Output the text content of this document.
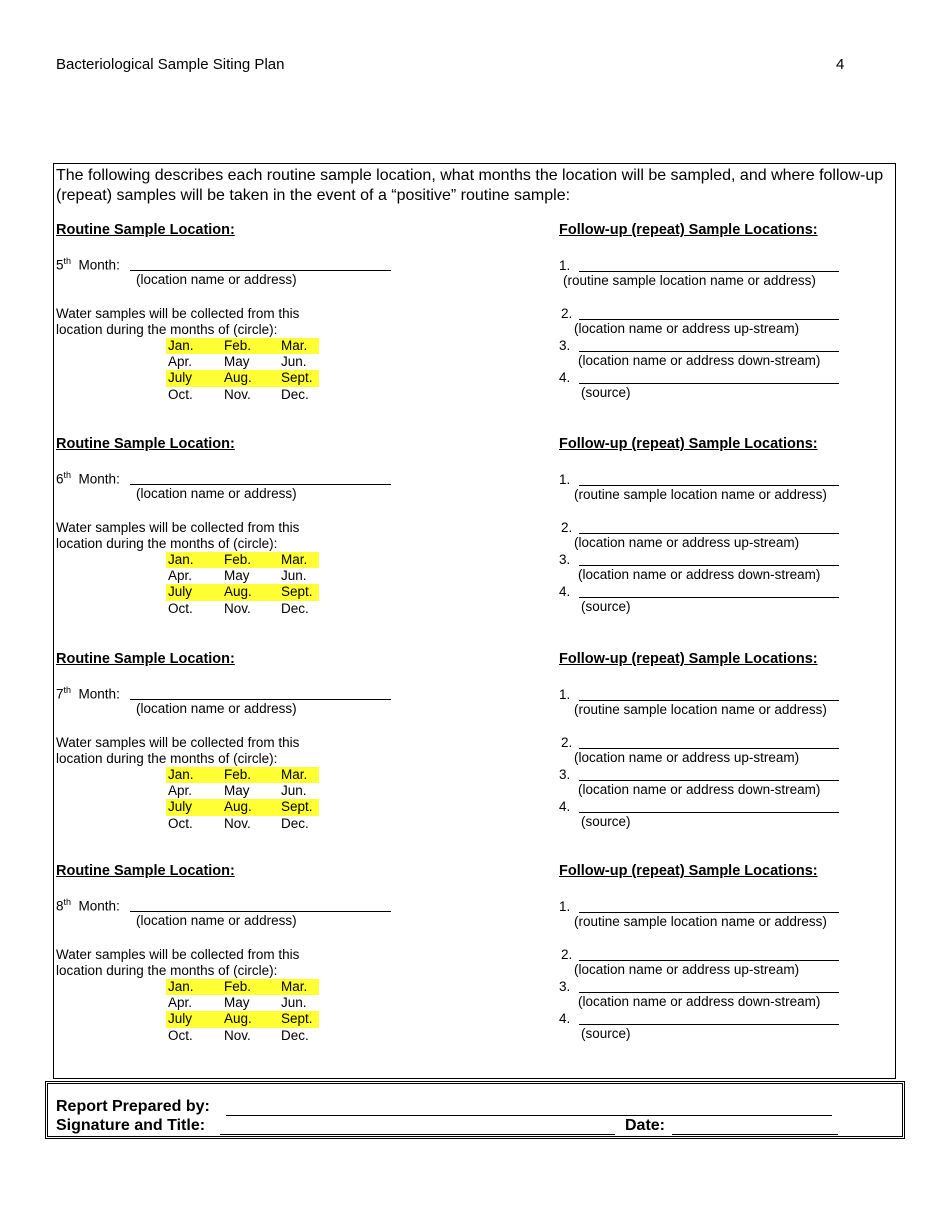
Bacteriological Sample Siting Plan	4
The following describes each routine sample location, what months the location will be sampled, and where follow-up (repeat) samples will be taken in the event of a “positive” routine sample:
Routine Sample Location:	Follow-up (repeat) Sample Locations:
5th Month:
(location name or address)
Water samples will be collected from this
location during the months of (circle):
Jan.	Feb.	Mar.
Apr.	May	Jun.
July	Aug.	Sept.
Oct.	Nov.	Dec.
1.
(routine sample location name or address)
2.
(location name or address up-stream)
3.
(location name or address down-stream)
4.
(source)
Routine Sample Location:	Follow-up (repeat) Sample Locations:
6th Month:
(location name or address)
Water samples will be collected from this
location during the months of (circle):
Jan.	Feb.	Mar.
Apr.	May	Jun.
July	Aug.	Sept.
Oct.	Nov.	Dec.
1.
(routine sample location name or address)
2.
(location name or address up-stream)
3.
(location name or address down-stream)
4.
(source)
Routine Sample Location:	Follow-up (repeat) Sample Locations:
7th Month:
(location name or address)
Water samples will be collected from this
location during the months of (circle):
Jan.	Feb.	Mar.
Apr.	May	Jun.
July	Aug.	Sept.
Oct.	Nov.	Dec.
1.
(routine sample location name or address)
2.
(location name or address up-stream)
3.
(location name or address down-stream)
4.
(source)
Routine Sample Location:	Follow-up (repeat) Sample Locations:
8th Month:
(location name or address)
Water samples will be collected from this
location during the months of (circle):
Jan.	Feb.	Mar.
Apr.	May	Jun.
July	Aug.	Sept.
Oct.	Nov.	Dec.
1.
(routine sample location name or address)
2.
(location name or address up-stream)
3.
(location name or address down-stream)
4.
(source)
Report Prepared by:
Signature and Title:	Date:
